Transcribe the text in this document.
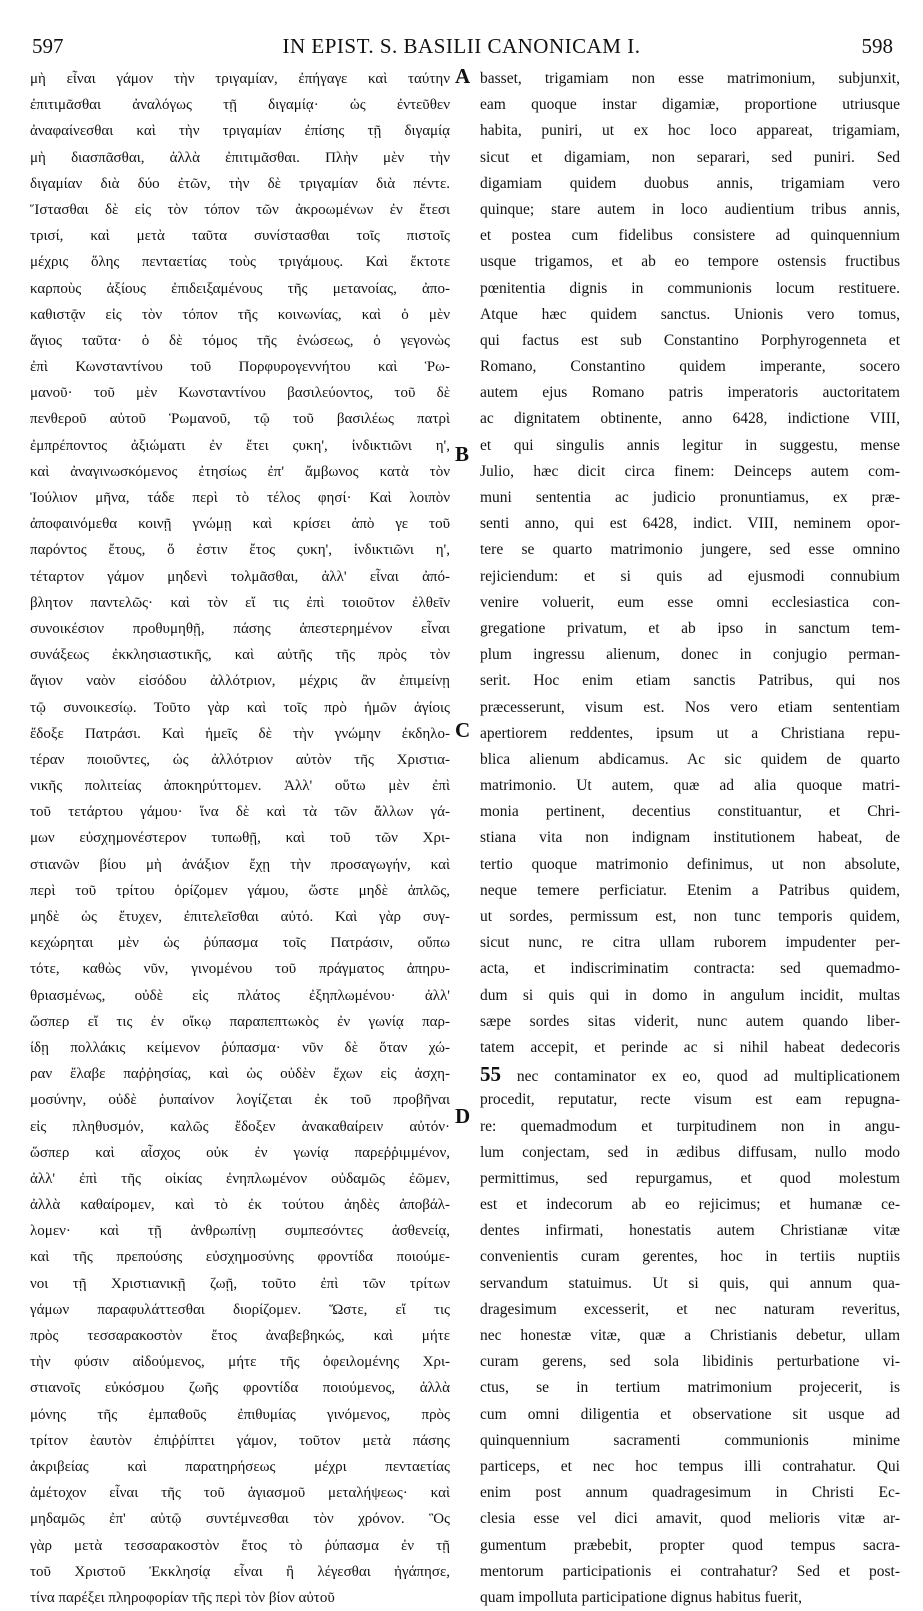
597	IN EPIST. S. BASILII CANONICAM I.	598
A
B
C
D
μὴ εἶναι γάμον τὴν τριγαμίαν, ἐπήγαγε καὶ ταύτην
ἐπιτιμᾶσθαι ἀναλόγως τῇ διγαμίᾳ· ὡς ἐντεῦθεν
ἀναφαίνεσθαι καὶ τὴν τριγαμίαν ἐπίσης τῇ διγαμίᾳ
μὴ διασπᾶσθαι, ἀλλὰ ἐπιτιμᾶσθαι. Πλὴν μὲν τὴν
διγαμίαν διὰ δύο ἐτῶν, τὴν δὲ τριγαμίαν διὰ πέντε.
Ἵστασθαι δὲ εἰς τὸν τόπον τῶν ἀκροωμένων ἐν ἔτεσι
τρισί, καὶ μετὰ ταῦτα συνίστασθαι τοῖς πιστοῖς
μέχρις ὅλης πενταετίας τοὺς τριγάμους. Καὶ ἔκτοτε
καρποὺς ἀξίους ἐπιδειξαμένους τῆς μετανοίας, ἀπο-
καθιστᾷν εἰς τὸν τόπον τῆς κοινωνίας, καὶ ὁ μὲν
ἅγιος ταῦτα· ὁ δὲ τόμος τῆς ἑνώσεως, ὁ γεγονὼς
ἐπὶ Κωνσταντίνου τοῦ Πορφυρογεννήτου καὶ Ῥω-
μανοῦ· τοῦ μὲν Κωνσταντίνου βασιλεύοντος, τοῦ δὲ
πενθεροῦ αὐτοῦ Ῥωμανοῦ, τῷ τοῦ βασιλέως πατρὶ
ἐμπρέποντος ἀξιώματι ἐν ἔτει ςυκη', ἰνδικτιῶνι η',
καὶ ἀναγινωσκόμενος ἐτησίως ἐπ' ἄμβωνος κατὰ τὸν
Ἰούλιον μῆνα, τάδε περὶ τὸ τέλος φησί· Καὶ λοιπὸν
ἀποφαινόμεθα κοινῇ γνώμῃ καὶ κρίσει ἀπὸ γε τοῦ
παρόντος ἔτους, ὅ ἐστιν ἔτος ςυκη', ἰνδικτιῶνι η',
τέταρτον γάμον μηδενὶ τολμᾶσθαι, ἀλλ' εἶναι ἀπό-
βλητον παντελῶς· καὶ τὸν εἴ τις ἐπὶ τοιοῦτον ἐλθεῖν
συνοικέσιον προθυμηθῇ, πάσης ἀπεστερημένον εἶναι
συνάξεως ἐκκλησιαστικῆς, καὶ αὐτῆς τῆς πρὸς τὸν
ἅγιον ναὸν εἰσόδου ἀλλότριον, μέχρις ἂν ἐπιμείνῃ
τῷ συνοικεσίῳ. Τοῦτο γὰρ καὶ τοῖς πρὸ ἡμῶν ἁγίοις
ἔδοξε Πατράσι. Καὶ ἡμεῖς δὲ τὴν γνώμην ἐκδηλο-
τέραν ποιοῦντες, ὡς ἀλλότριον αὐτὸν τῆς Χριστια-
νικῆς πολιτείας ἀποκηρύττομεν. Ἀλλ' οὕτω μὲν ἐπὶ
τοῦ τετάρτου γάμου· ἵνα δὲ καὶ τὰ τῶν ἄλλων γά-
μων εὐσχημονέστερον τυπωθῇ, καὶ τοῦ τῶν Χρι-
στιανῶν βίου μὴ ἀνάξιον ἔχῃ τὴν προσαγωγήν, καὶ
περὶ τοῦ τρίτου ὁρίζομεν γάμου, ὥστε μηδὲ ἁπλῶς,
μηδὲ ὡς ἔτυχεν, ἐπιτελεῖσθαι αὐτό. Καὶ γὰρ συγ-
κεχώρηται μὲν ὡς ῥύπασμα τοῖς Πατράσιν, οὔπω
τότε, καθὼς νῦν, γινομένου τοῦ πράγματος ἀπηρυ-
θριασμένως, οὐδὲ εἰς πλάτος ἐξηπλωμένου· ἀλλ'
ὥσπερ εἴ τις ἐν οἴκῳ παραπεπτωκὸς ἐν γωνίᾳ παρ-
ίδῃ πολλάκις κείμενον ῥύπασμα· νῦν δὲ ὅταν χώ-
ραν ἔλαβε παῤῥησίας, καὶ ὡς οὐδὲν ἔχων εἰς ἀσχη-
μοσύνην, οὐδὲ ῥυπαίνον λογίζεται ἐκ τοῦ προβῆναι
εἰς πληθυσμόν, καλῶς ἔδοξεν ἀνακαθαίρειν αὐτόν·
ὥσπερ καὶ αἶσχος οὐκ ἐν γωνίᾳ παρεῤῥιμμένον,
ἀλλ' ἐπὶ τῆς οἰκίας ἐνηπλωμένον οὐδαμῶς ἐῶμεν,
ἀλλὰ καθαίρομεν, καὶ τὸ ἐκ τούτου ἀηδὲς ἀποβάλ-
λομεν· καὶ τῇ ἀνθρωπίνῃ συμπεσόντες ἀσθενείᾳ,
καὶ τῆς πρεπούσης εὐσχημοσύνης φροντίδα ποιούμε-
νοι τῇ Χριστιανικῇ ζωῇ, τοῦτο ἐπὶ τῶν τρίτων
γάμων παραφυλάττεσθαι διορίζομεν. Ὥστε, εἴ τις
πρὸς τεσσαρακοστὸν ἔτος ἀναβεβηκώς, καὶ μήτε
τὴν φύσιν αἰδούμενος, μήτε τῆς ὀφειλομένης Χρι-
στιανοῖς εὐκόσμου ζωῆς φροντίδα ποιούμενος, ἀλλὰ
μόνης τῆς ἐμπαθοῦς ἐπιθυμίας γινόμενος, πρὸς
τρίτον ἑαυτὸν ἐπιῤῥίπτει γάμον, τοῦτον μετὰ πάσης
ἀκριβείας καὶ παρατηρήσεως μέχρι πενταετίας
ἀμέτοχον εἶναι τῆς τοῦ ἁγιασμοῦ μεταλήψεως· καὶ
μηδαμῶς ἐπ' αὐτῷ συντέμνεσθαι τὸν χρόνον. Ὃς
γὰρ μετὰ τεσσαρακοστὸν ἔτος τὸ ῥύπασμα ἐν τῇ
τοῦ Χριστοῦ Ἐκκλησίᾳ εἶναι ἢ λέγεσθαι ἠγάπησε,
τίνα παρέξει πληροφορίαν τῆς περὶ τὸν βίον αὐτοῦ
basset, trigamiam non esse matrimonium, subjunxit,
eam quoque instar digamiæ, proportione utriusque
habita, puniri, ut ex hoc loco appareat, trigamiam,
sicut et digamiam, non separari, sed puniri. Sed
digamiam quidem duobus annis, trigamiam vero
quinque; stare autem in loco audientium tribus annis,
et postea cum fidelibus consistere ad quinquennium
usque trigamos, et ab eo tempore ostensis fructibus
pœnitentia dignis in communionis locum restituere.
Atque hæc quidem sanctus. Unionis vero tomus,
qui factus est sub Constantino Porphyrogenneta et
Romano, Constantino quidem imperante, socero
autem ejus Romano patris imperatoris auctoritatem
ac dignitatem obtinente, anno 6428, indictione VIII,
et qui singulis annis legitur in suggestu, mense
Julio, hæc dicit circa finem: Deinceps autem com-
muni sententia ac judicio pronuntiamus, ex præ-
senti anno, qui est 6428, indict. VIII, neminem opor-
tere se quarto matrimonio jungere, sed esse omnino
rejiciendum: et si quis ad ejusmodi connubium
venire voluerit, eum esse omni ecclesiastica con-
gregatione privatum, et ab ipso in sanctum tem-
plum ingressu alienum, donec in conjugio perman-
serit. Hoc enim etiam sanctis Patribus, qui nos
præcesserunt, visum est. Nos vero etiam sententiam
apertiorem reddentes, ipsum ut a Christiana repu-
blica alienum abdicamus. Ac sic quidem de quarto
matrimonio. Ut autem, quæ ad alia quoque matri-
monia pertinent, decentius constituantur, et Chri-
stiana vita non indignam institutionem habeat, de
tertio quoque matrimonio definimus, ut non absolute,
neque temere perficiatur. Etenim a Patribus quidem,
ut sordes, permissum est, non tunc temporis quidem,
sicut nunc, re citra ullam ruborem impudenter per-
acta, et indiscriminatim contracta: sed quemadmo-
dum si quis qui in domo in angulum incidit, multas
sæpe sordes sitas viderit, nunc autem quando liber-
tatem accepit, et perinde ac si nihil habeat dedecoris
55 nec contaminator ex eo, quod ad multiplicationem
procedit, reputatur, recte visum est eam repugna-
re: quemadmodum et turpitudinem non in angu-
lum conjectam, sed in ædibus diffusam, nullo modo
permittimus, sed repurgamus, et quod molestum
est et indecorum ab eo rejicimus; et humanæ ce-
dentes infirmati, honestatis autem Christianæ vitæ
convenientis curam gerentes, hoc in tertiis nuptiis
servandum statuimus. Ut si quis, qui annum qua-
dragesimum excesserit, et nec naturam reveritus,
nec honestæ vitæ, quæ a Christianis debetur, ullam
curam gerens, sed sola libidinis perturbatione vi-
ctus, se in tertium matrimonium projecerit, is
cum omni diligentia et observatione sit usque ad
quinquennium sacramenti communionis minime
particeps, et nec hoc tempus illi contrahatur. Qui
enim post annum quadragesimum in Christi Ec-
clesia esse vel dici amavit, quod melioris vitæ ar-
gumentum præbebit, propter quod tempus sacra-
mentorum participationis ei contrahatur? Sed et post-
quam impolluta participatione dignus habitus fuerit,
